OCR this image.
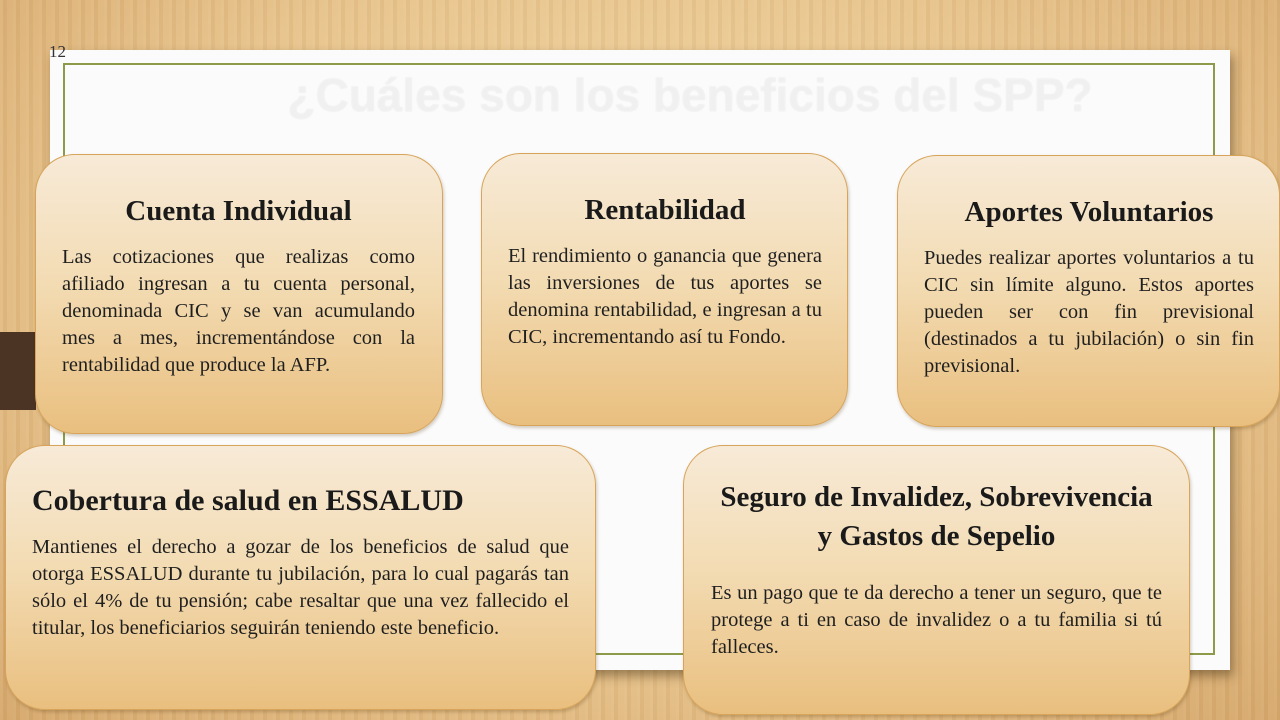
12
¿Cuáles son los beneficios del SPP?

Cuenta Individual

Las cotizaciones que realizas como afiliado ingresan a tu cuenta personal, denominada CIC y se van acumulando mes a mes, incrementándose con la rentabilidad que produce la AFP.

Rentabilidad

El rendimiento o ganancia que genera las inversiones de tus aportes se denomina rentabilidad, e ingresan a tu CIC, incrementando así tu Fondo.

Aportes Voluntarios

Puedes realizar aportes voluntarios a tu CIC sin límite alguno. Estos aportes pueden ser con fin previsional (destinados a tu jubilación) o sin fin previsional.

Cobertura de salud en ESSALUD

Mantienes el derecho a gozar de los beneficios de salud que otorga ESSALUD durante tu jubilación, para lo cual pagarás tan sólo el 4% de tu pensión; cabe resaltar que una vez fallecido el titular, los beneficiarios seguirán teniendo este beneficio.

Seguro de Invalidez, Sobrevivencia y Gastos de Sepelio

Es un pago que te da derecho a tener un seguro, que te protege a ti en caso de invalidez o a tu familia si tú falleces.
